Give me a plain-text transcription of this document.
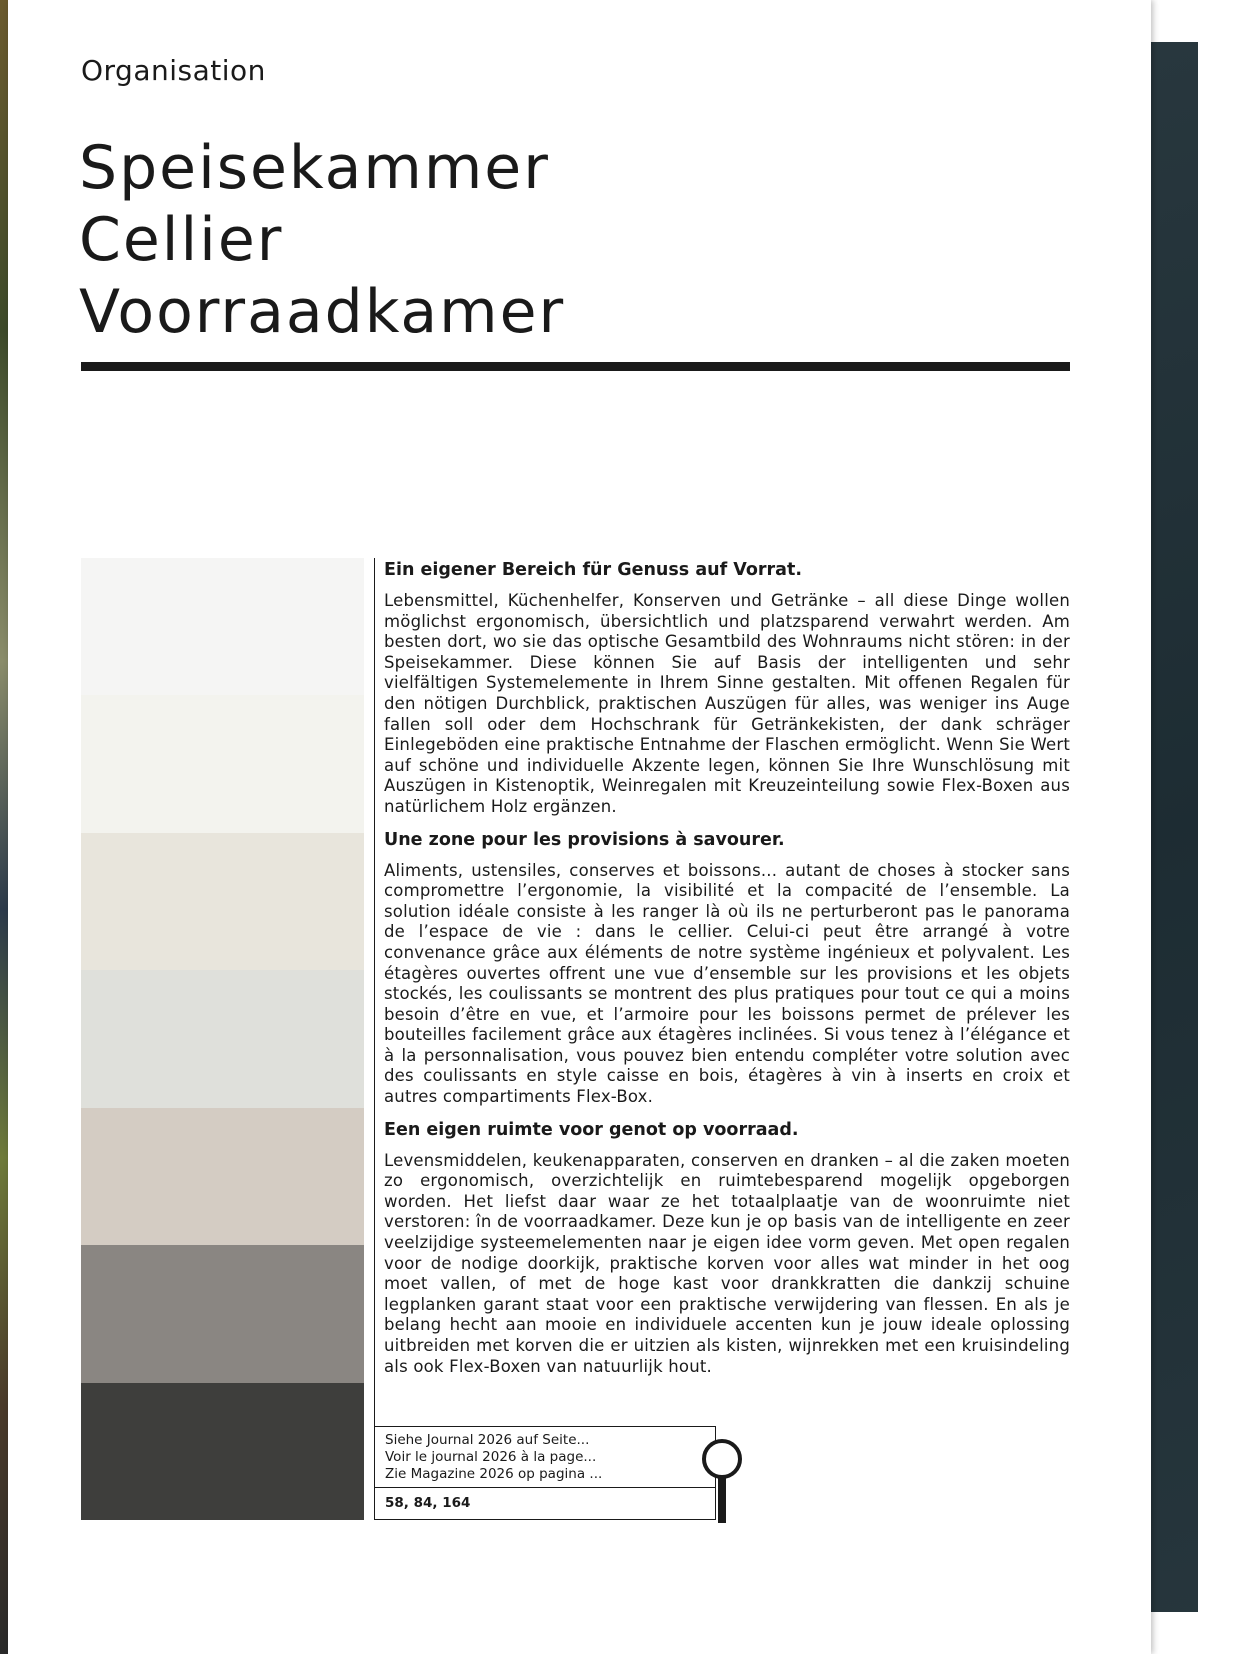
Organisation
Speisekammer
Cellier
Voorraadkamer
Ein eigener Bereich für Genuss auf Vorrat.

Lebensmittel, Küchenhelfer, Konserven und Getränke – all diese Dinge wollen möglichst ergonomisch, übersichtlich und platzsparend verwahrt werden. Am besten dort, wo sie das optische Gesamtbild des Wohnraums nicht stören: in der Speisekammer. Diese können Sie auf Basis der intelligenten und sehr vielfältigen Systemelemente in Ihrem Sinne gestalten. Mit offenen Regalen für den nötigen Durchblick, praktischen Auszügen für alles, was weniger ins Auge fallen soll oder dem Hochschrank für Getränkekisten, der dank schräger Einlegeböden eine praktische Entnahme der Flaschen ermöglicht. Wenn Sie Wert auf schöne und individuelle Akzente legen, können Sie Ihre Wunschlösung mit Auszügen in Kistenoptik, Weinregalen mit Kreuzeinteilung sowie Flex-Boxen aus natürlichem Holz ergänzen.

Une zone pour les provisions à savourer.

Aliments, ustensiles, conserves et boissons... autant de choses à stocker sans compromettre l’ergonomie, la visibilité et la compacité de l’ensemble. La solution idéale consiste à les ranger là où ils ne perturberont pas le panorama de l’espace de vie : dans le cellier. Celui-ci peut être arrangé à votre convenance grâce aux éléments de notre système ingénieux et polyvalent. Les étagères ouvertes offrent une vue d’ensemble sur les provisions et les objets stockés, les coulissants se montrent des plus pratiques pour tout ce qui a moins besoin d’être en vue, et l’armoire pour les boissons permet de prélever les bouteilles facilement grâce aux étagères inclinées. Si vous tenez à l’élégance et à la personnalisation, vous pouvez bien entendu compléter votre solution avec des coulissants en style caisse en bois, étagères à vin à inserts en croix et autres compartiments Flex-Box.

Een eigen ruimte voor genot op voorraad.

Levensmiddelen, keukenapparaten, conserven en dranken – al die zaken moeten zo ergonomisch, overzichtelijk en ruimtebesparend mogelijk opgeborgen worden. Het liefst daar waar ze het totaalplaatje van de woonruimte niet verstoren: în de voorraadkamer. Deze kun je op basis van de intelligente en zeer veelzijdige systeemelementen naar je eigen idee vorm geven. Met open regalen voor de nodige doorkijk, praktische korven voor alles wat minder in het oog moet vallen, of met de hoge kast voor drankkratten die dankzij schuine legplanken garant staat voor een praktische verwijdering van flessen. En als je belang hecht aan mooie en individuele accenten kun je jouw ideale oplossing uitbreiden met korven die er uitzien als kisten, wijnrekken met een kruisindeling als ook Flex-Boxen van natuurlijk hout.

Siehe Journal 2026 auf Seite...
Voir le journal 2026 à la page...
Zie Magazine 2026 op pagina ...
58, 84, 164
